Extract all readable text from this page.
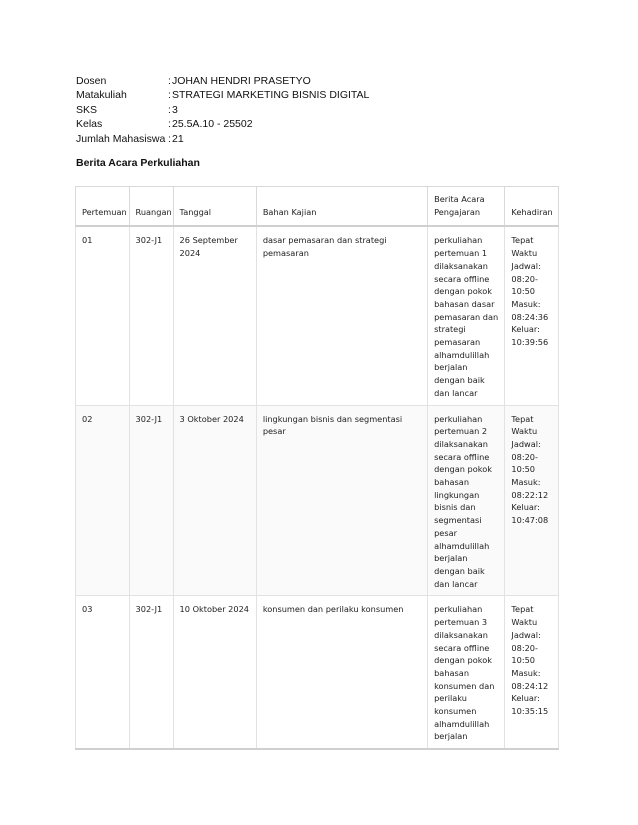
Dosen	: JOHAN HENDRI PRASETYO
Matakuliah	: STRATEGI MARKETING BISNIS DIGITAL
SKS	: 3
Kelas	: 25.5A.10 - 25502
Jumlah Mahasiswa : 21
Berita Acara Perkuliahan
Pertemuan	Ruangan	Tanggal	Bahan Kajian	Berita Acara Pengajaran	Kehadiran
01	302-J1	26 September 2024	dasar pemasaran dan strategi pemasaran	perkuliahan pertemuan 1 dilaksanakan secara offline dengan pokok bahasan dasar pemasaran dan strategi pemasaran alhamdulillah berjalan dengan baik dan lancar	Tepat Waktu
Jadwal: 08:20-10:50
Masuk: 08:24:36
Keluar: 10:39:56

02	302-J1	3 Oktober 2024	lingkungan bisnis dan segmentasi pesar	perkuliahan pertemuan 2 dilaksanakan secara offline dengan pokok bahasan lingkungan bisnis dan segmentasi pesar alhamdulillah berjalan dengan baik dan lancar	Tepat Waktu
Jadwal: 08:20-10:50
Masuk: 08:22:12
Keluar: 10:47:08

03	302-J1	10 Oktober 2024	konsumen dan perilaku konsumen	perkuliahan pertemuan 3 dilaksanakan secara offline dengan pokok bahasan konsumen dan perilaku konsumen alhamdulillah berjalan	Tepat Waktu
Jadwal: 08:20-10:50
Masuk: 08:24:12
Keluar: 10:35:15
